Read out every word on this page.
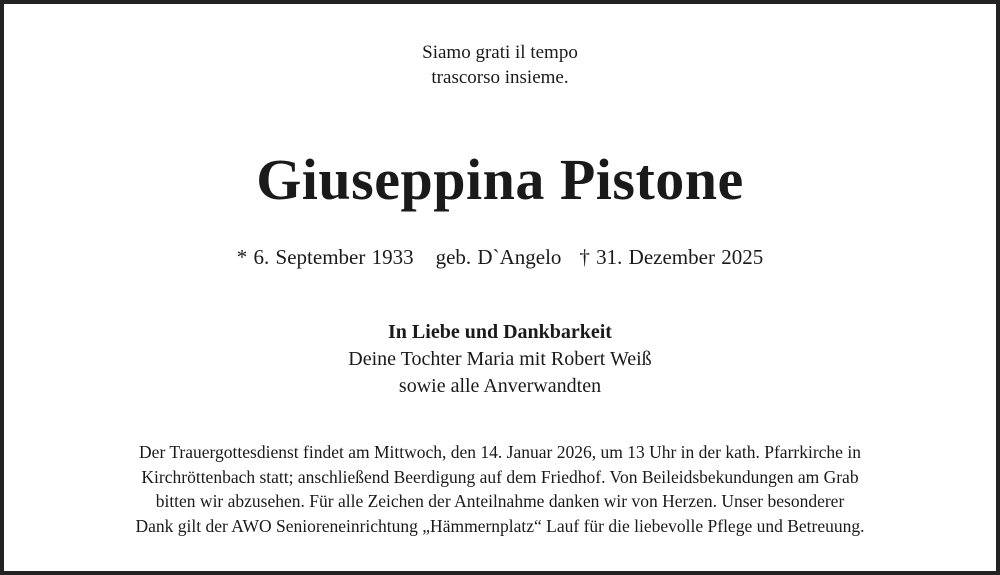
Siamo grati il tempo
trascorso insieme.
Giuseppina Pistone
* 6. September 1933 geb. D`Angelo † 31. Dezember 2025
In Liebe und Dankbarkeit
Deine Tochter Maria mit Robert Weiß
sowie alle Anverwandten
Der Trauergottesdienst findet am Mittwoch, den 14. Januar 2026, um 13 Uhr in der kath. Pfarrkirche in
Kirchröttenbach statt; anschließend Beerdigung auf dem Friedhof. Von Beileidsbekundungen am Grab
bitten wir abzusehen. Für alle Zeichen der Anteilnahme danken wir von Herzen. Unser besonderer
Dank gilt der AWO Senioreneinrichtung „Hämmernplatz“ Lauf für die liebevolle Pflege und Betreuung.
